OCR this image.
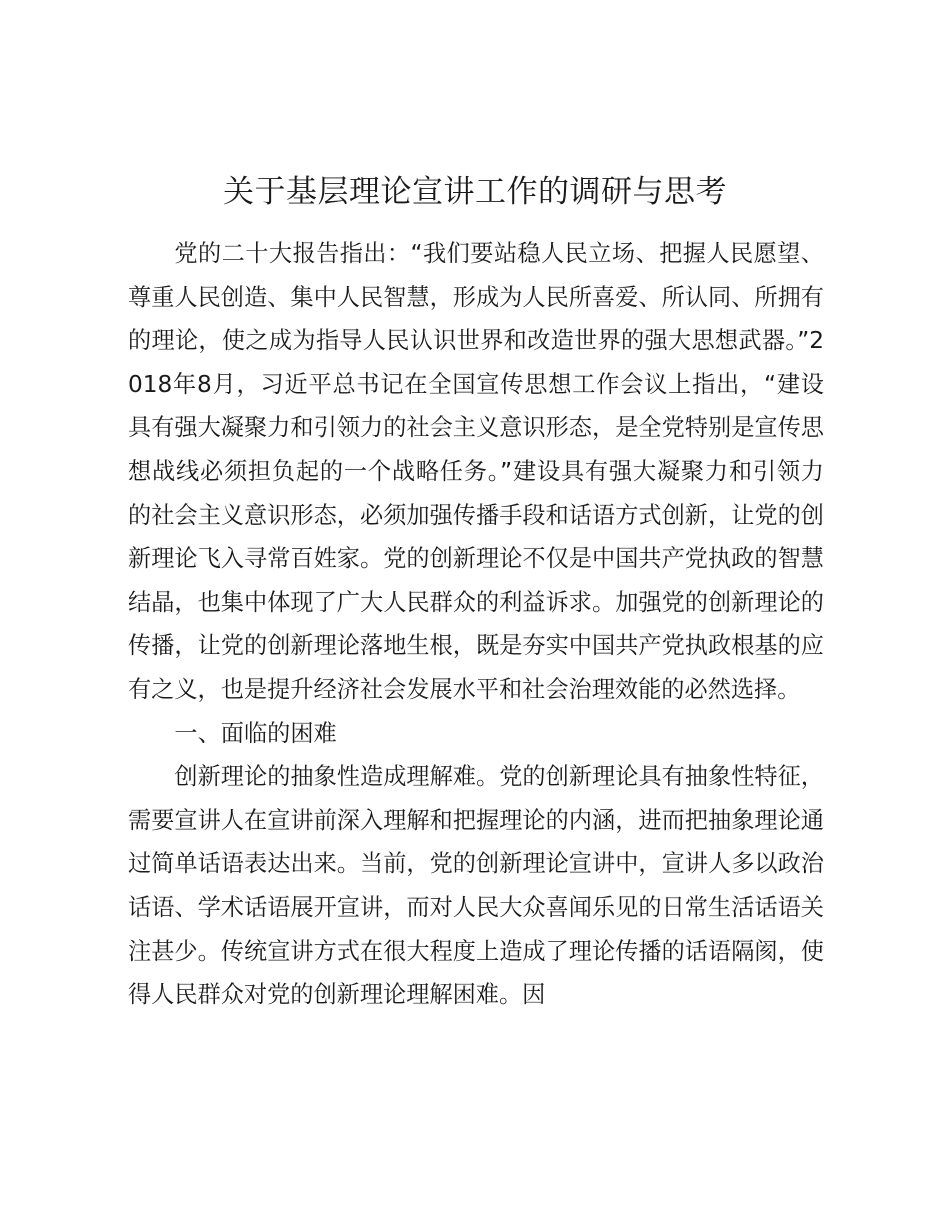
关于基层理论宣讲工作的调研与思考

党的二十大报告指出：“我们要站稳人民立场、把握人民愿望、尊重人民创造、集中人民智慧，形成为人民所喜爱、所认同、所拥有的理论，使之成为指导人民认识世界和改造世界的强大思想武器。”2018年8月，习近平总书记在全国宣传思想工作会议上指出，“建设具有强大凝聚力和引领力的社会主义意识形态，是全党特别是宣传思想战线必须担负起的一个战略任务。”建设具有强大凝聚力和引领力的社会主义意识形态，必须加强传播手段和话语方式创新，让党的创新理论飞入寻常百姓家。党的创新理论不仅是中国共产党执政的智慧结晶，也集中体现了广大人民群众的利益诉求。加强党的创新理论的传播，让党的创新理论落地生根，既是夯实中国共产党执政根基的应有之义，也是提升经济社会发展水平和社会治理效能的必然选择。

一、面临的困难

创新理论的抽象性造成理解难。党的创新理论具有抽象性特征，需要宣讲人在宣讲前深入理解和把握理论的内涵，进而把抽象理论通过简单话语表达出来。当前，党的创新理论宣讲中，宣讲人多以政治话语、学术话语展开宣讲，而对人民大众喜闻乐见的日常生活话语关注甚少。传统宣讲方式在很大程度上造成了理论传播的话语隔阂，使得人民群众对党的创新理论理解困难。因
